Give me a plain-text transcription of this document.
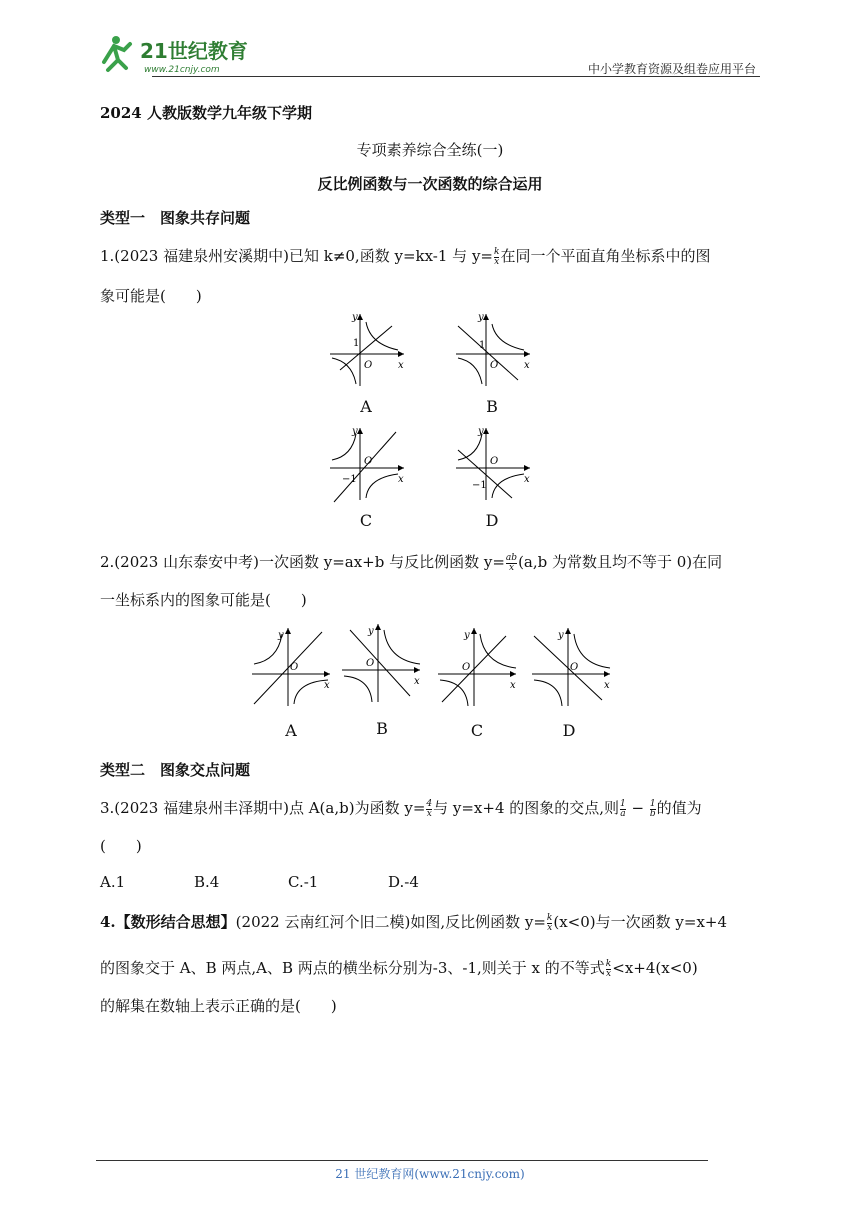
21世纪教育
www.21cnjy.com	中小学教育资源及组卷应用平台
2024 人教版数学九年级下学期
专项素养综合全练(一)
反比例函数与一次函数的综合运用
类型一　图象共存问题
1.(2023 福建泉州安溪期中)已知 k≠0,函数 y=kx-1 与 $y= \frac{k}{x}$ 在同一个平面直角坐标系中的图
象可能是(　　)
y
x
O
1
A
y
x
O
1
B
y
x
O
−1
C
y
x
O
−1
D
2.(2023 山东泰安中考)一次函数 y=ax+b 与反比例函数 $y= \frac{ab}{x} (a,b$ 为常数且均不等于 0)在同
一坐标系内的图象可能是(　　)
y
x
O
A
y
x
O
B
y
x
O
C
y
x
O
D
类型二　图象交点问题
3.(2023 福建泉州丰泽期中)点 A(a,b)为函数 $y= \frac{4}{x}$ 与 y=x+4 的图象的交点,则 $\frac{1}{a} - \frac{1}{b}$ 的值为
(　　)
A.1	B.4	C.-1	D.-4
4.【数形结合思想】(2022 云南红河个旧二模)如图,反比例函数 $y= \frac{k}{x} (x<0)$与一次函数 y=x+4
的图象交于 A、B 两点,A、B 两点的横坐标分别为-3、-1,则关于 x 的不等式 $\frac{k}{x} <x+4(x<0)$
的解集在数轴上表示正确的是(　　)
21 世纪教育网(www.21cnjy.com)
